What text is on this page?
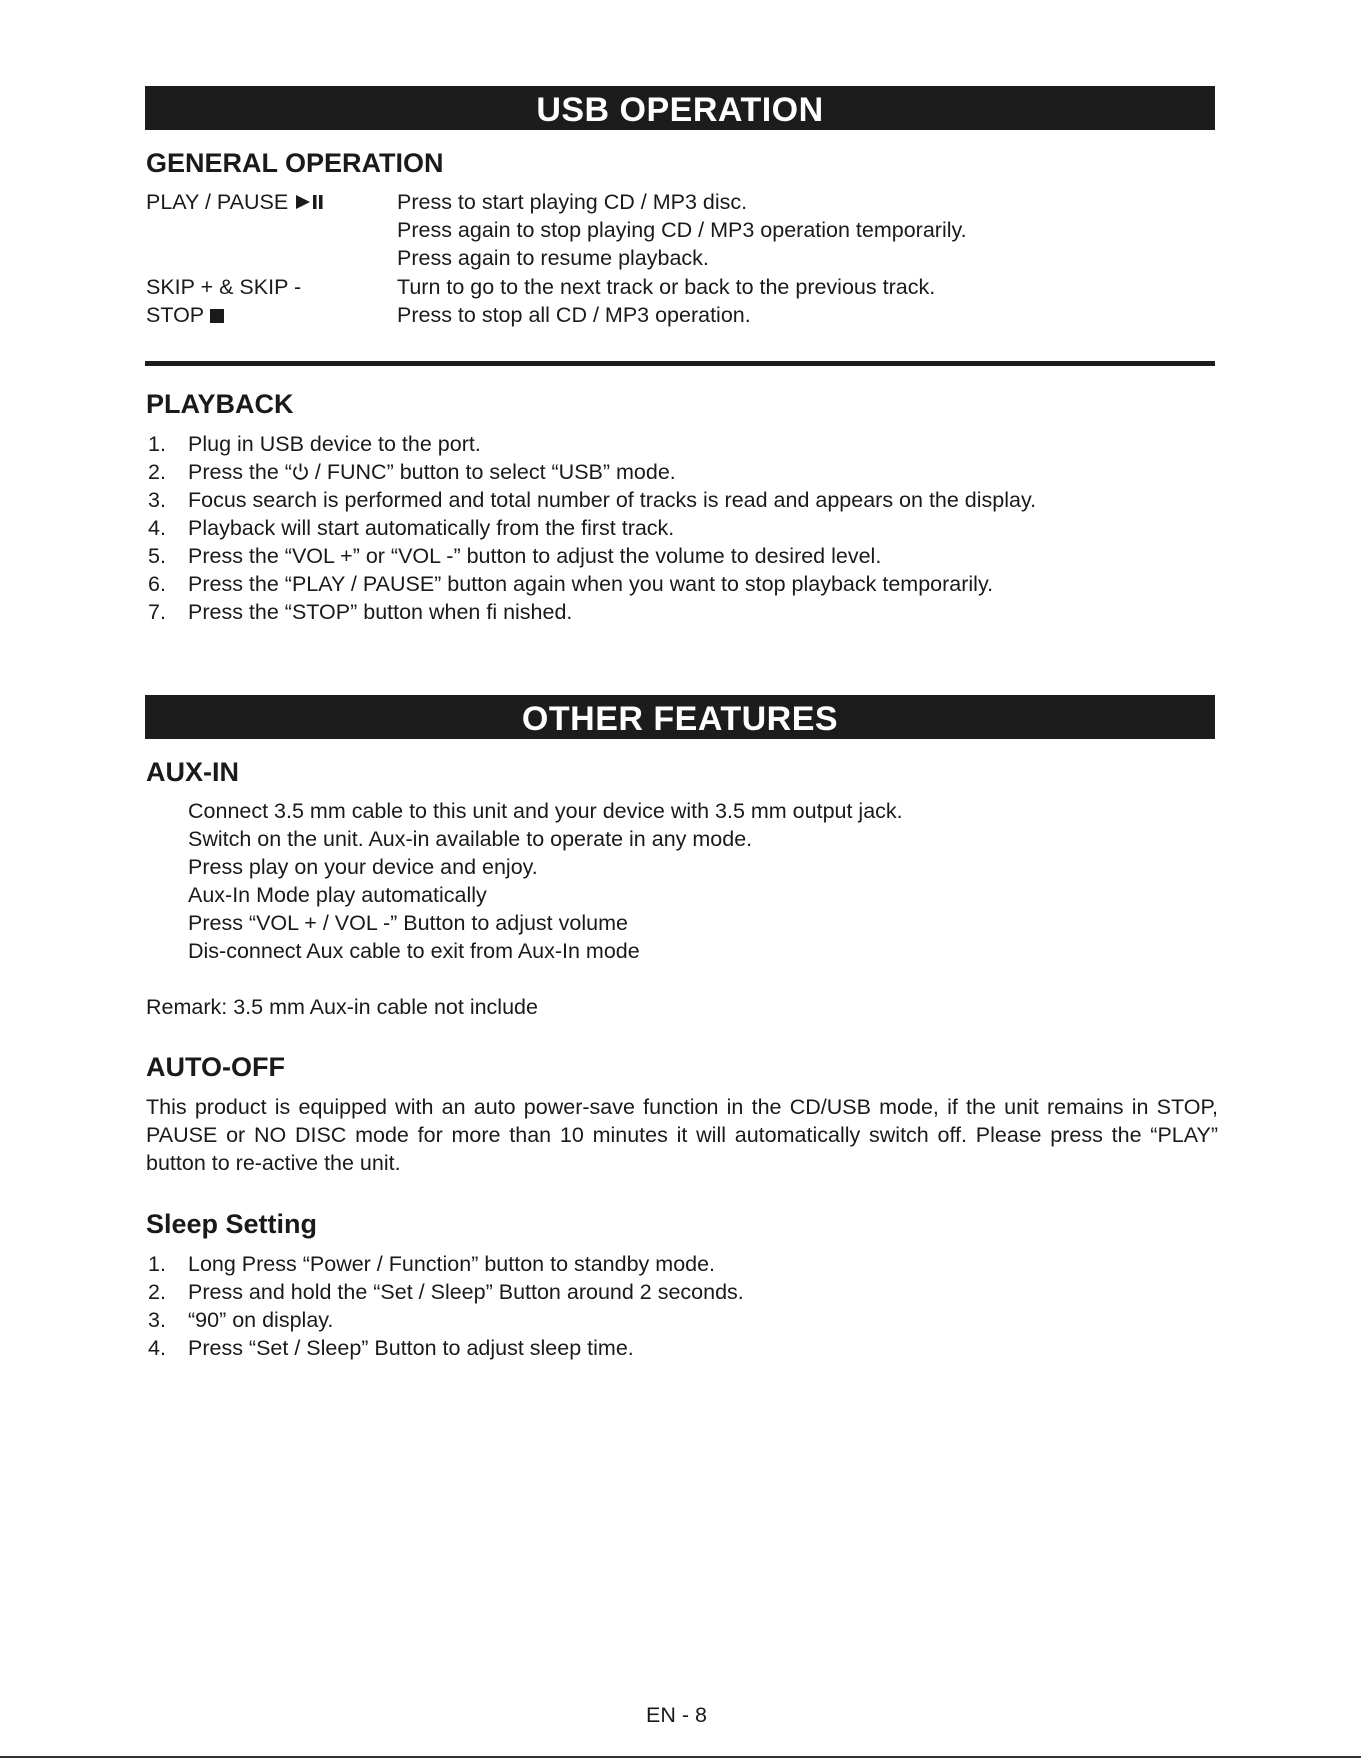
USB OPERATION
GENERAL OPERATION
PLAY / PAUSE	Press to start playing CD / MP3 disc.
Press again to stop playing CD / MP3 operation temporarily.
Press again to resume playback.
SKIP + & SKIP -	Turn to go to the next track or back to the previous track.
STOP	Press to stop all CD / MP3 operation.
PLAYBACK
1. Plug in USB device to the port.
2. Press the “ / FUNC” button to select “USB” mode.
3. Focus search is performed and total number of tracks is read and appears on the display.
4. Playback will start automatically from the first track.
5. Press the “VOL +” or “VOL -” button to adjust the volume to desired level.
6. Press the “PLAY / PAUSE” button again when you want to stop playback temporarily.
7. Press the “STOP” button when fi nished.
OTHER FEATURES
AUX-IN
Connect 3.5 mm cable to this unit and your device with 3.5 mm output jack.
Switch on the unit. Aux-in available to operate in any mode.
Press play on your device and enjoy.
Aux-In Mode play automatically
Press “VOL + / VOL -” Button to adjust volume
Dis-connect Aux cable to exit from Aux-In mode
Remark: 3.5 mm Aux-in cable not include
AUTO-OFF
This product is equipped with an auto power-save function in the CD/USB mode, if the unit remains in STOP, PAUSE or NO DISC mode for more than 10 minutes it will automatically switch off. Please press the “PLAY” button to re-active the unit.
Sleep Setting
1. Long Press “Power / Function” button to standby mode.
2. Press and hold the “Set / Sleep” Button around 2 seconds.
3. “90” on display.
4. Press “Set / Sleep” Button to adjust sleep time.
EN - 8
